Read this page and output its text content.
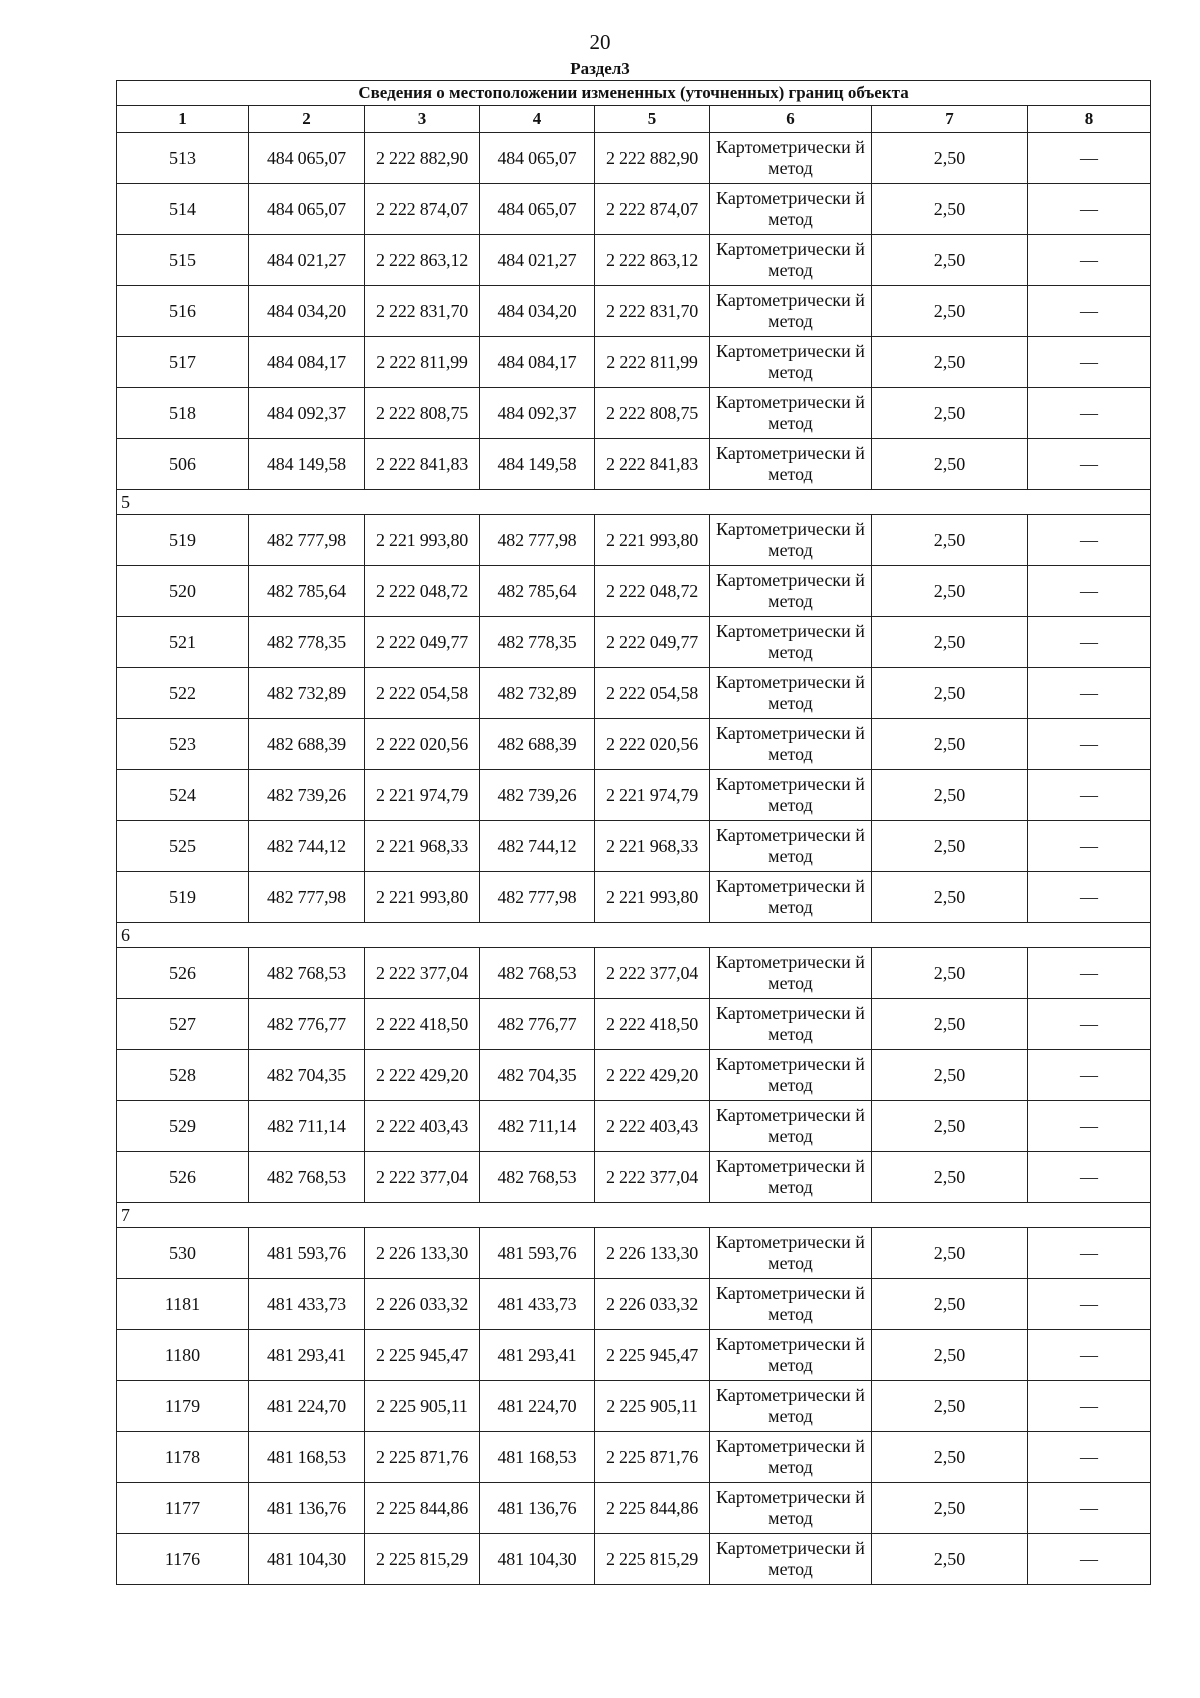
20
Раздел3
Сведения о местоположении измененных (уточненных) границ объекта							
1	2	3	4	5	6	7	8
513	484 065,07	2 222 882,90	484 065,07	2 222 882,90	Картометрически й метод	2,50	—
514	484 065,07	2 222 874,07	484 065,07	2 222 874,07	Картометрически й метод	2,50	—
515	484 021,27	2 222 863,12	484 021,27	2 222 863,12	Картометрически й метод	2,50	—
516	484 034,20	2 222 831,70	484 034,20	2 222 831,70	Картометрически й метод	2,50	—
517	484 084,17	2 222 811,99	484 084,17	2 222 811,99	Картометрически й метод	2,50	—
518	484 092,37	2 222 808,75	484 092,37	2 222 808,75	Картометрически й метод	2,50	—
506	484 149,58	2 222 841,83	484 149,58	2 222 841,83	Картометрически й метод	2,50	—
5							
519	482 777,98	2 221 993,80	482 777,98	2 221 993,80	Картометрически й метод	2,50	—
520	482 785,64	2 222 048,72	482 785,64	2 222 048,72	Картометрически й метод	2,50	—
521	482 778,35	2 222 049,77	482 778,35	2 222 049,77	Картометрически й метод	2,50	—
522	482 732,89	2 222 054,58	482 732,89	2 222 054,58	Картометрически й метод	2,50	—
523	482 688,39	2 222 020,56	482 688,39	2 222 020,56	Картометрически й метод	2,50	—
524	482 739,26	2 221 974,79	482 739,26	2 221 974,79	Картометрически й метод	2,50	—
525	482 744,12	2 221 968,33	482 744,12	2 221 968,33	Картометрически й метод	2,50	—
519	482 777,98	2 221 993,80	482 777,98	2 221 993,80	Картометрически й метод	2,50	—
6							
526	482 768,53	2 222 377,04	482 768,53	2 222 377,04	Картометрически й метод	2,50	—
527	482 776,77	2 222 418,50	482 776,77	2 222 418,50	Картометрически й метод	2,50	—
528	482 704,35	2 222 429,20	482 704,35	2 222 429,20	Картометрически й метод	2,50	—
529	482 711,14	2 222 403,43	482 711,14	2 222 403,43	Картометрически й метод	2,50	—
526	482 768,53	2 222 377,04	482 768,53	2 222 377,04	Картометрически й метод	2,50	—
7							
530	481 593,76	2 226 133,30	481 593,76	2 226 133,30	Картометрически й метод	2,50	—
1181	481 433,73	2 226 033,32	481 433,73	2 226 033,32	Картометрически й метод	2,50	—
1180	481 293,41	2 225 945,47	481 293,41	2 225 945,47	Картометрически й метод	2,50	—
1179	481 224,70	2 225 905,11	481 224,70	2 225 905,11	Картометрически й метод	2,50	—
1178	481 168,53	2 225 871,76	481 168,53	2 225 871,76	Картометрически й метод	2,50	—
1177	481 136,76	2 225 844,86	481 136,76	2 225 844,86	Картометрически й метод	2,50	—
1176	481 104,30	2 225 815,29	481 104,30	2 225 815,29	Картометрически й метод	2,50	—
